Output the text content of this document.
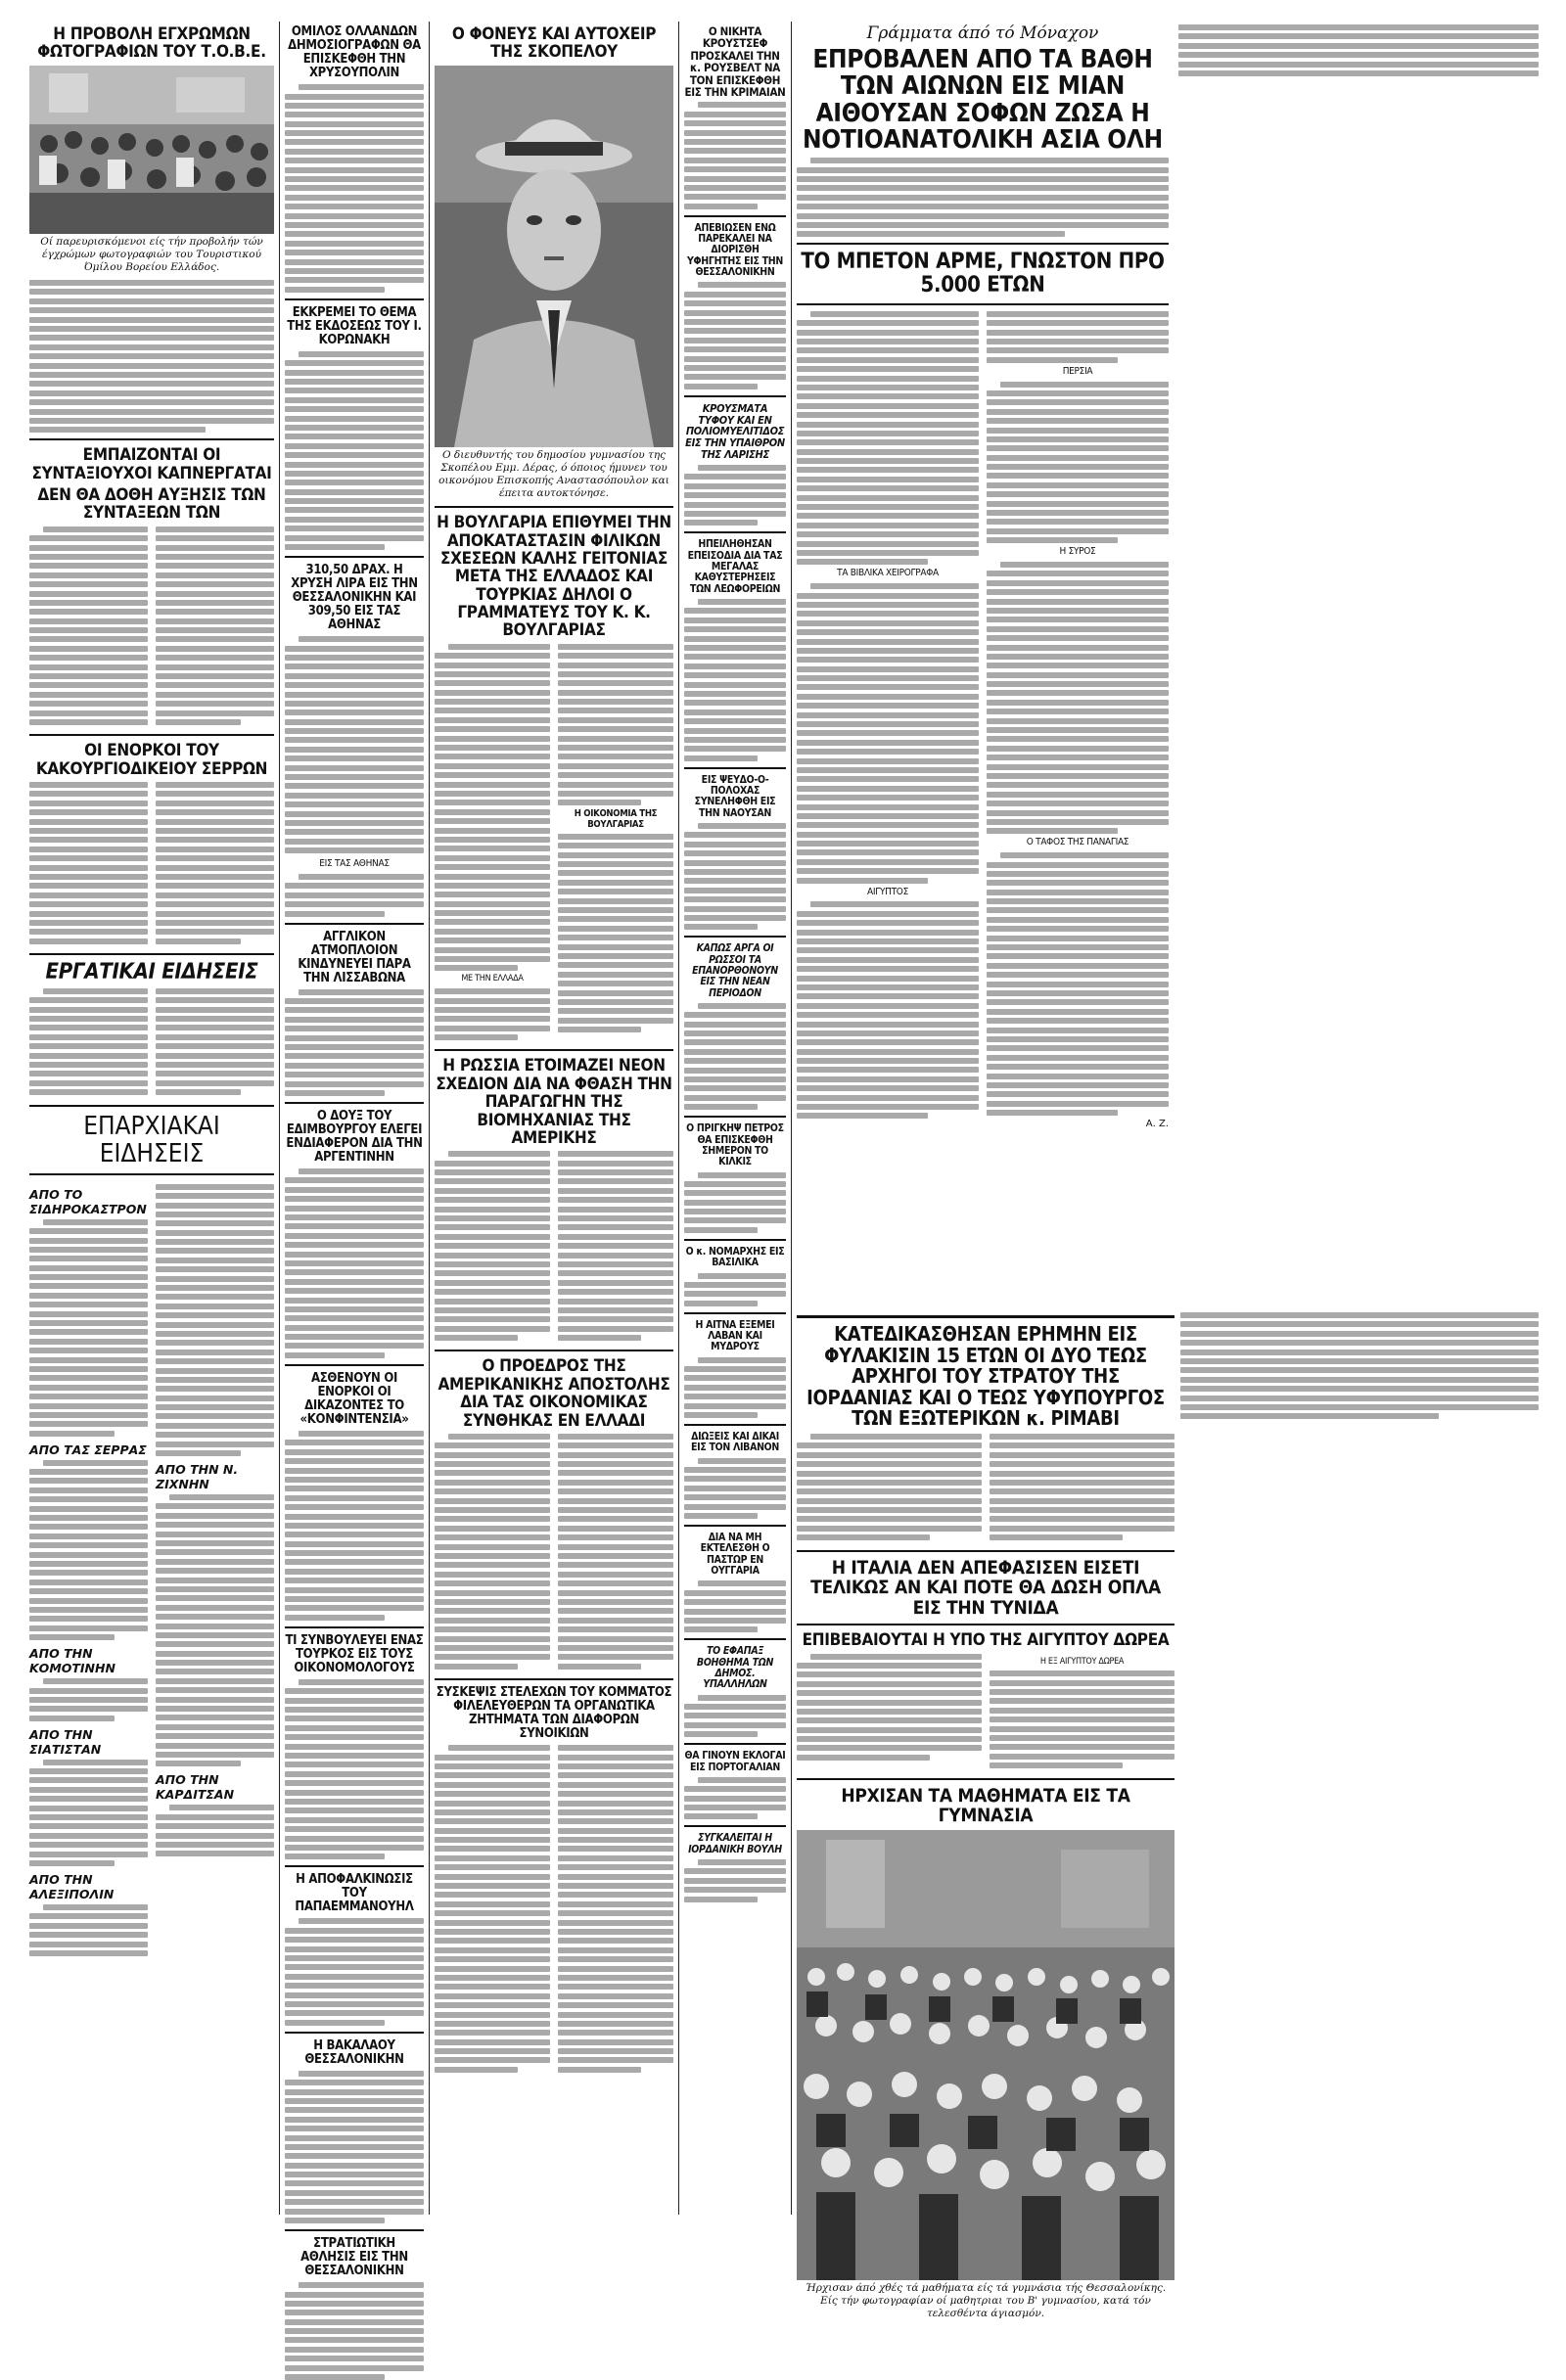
Η ΠΡΟΒΟΛΗ ΕΓΧΡΩΜΩΝ ΦΩΤΟΓΡΑΦΙΩΝ ΤΟΥ Τ.Ο.Β.Ε.
Οί παρευρισκόμενοι είς τήν προβολήν τών έγχρώμων φωτογραφιών του Τουριστικού Όμίλου Βορείου Ελλάδος.
ΕΜΠΑΙΖΟΝΤΑΙ ΟΙ ΣΥΝΤΑΞΙΟΥΧΟΙ ΚΑΠΝΕΡΓΑΤΑΙ
ΔΕΝ ΘΑ ΔΟΘΗ ΑΥΞΗΣΙΣ ΤΩΝ ΣΥΝΤΑΞΕΩΝ ΤΩΝ
ΟΙ ΕΝΟΡΚΟΙ ΤΟΥ ΚΑΚΟΥΡΓΙΟΔΙΚΕΙΟΥ ΣΕΡΡΩΝ
ΕΡΓΑΤΙΚΑΙ ΕΙΔΗΣΕΙΣ
ΕΠΑΡΧΙΑΚΑΙ ΕΙΔΗΣΕΙΣ
ΑΠΟ ΤΟ ΣΙΔΗΡΟΚΑΣΤΡΟΝ
ΑΠΟ ΤΑΣ ΣΕΡΡΑΣ
ΑΠΟ ΤΗΝ ΚΟΜΟΤΙΝΗΝ
ΑΠΟ ΤΗΝ ΣΙΑΤΙΣΤΑΝ
ΑΠΟ ΤΗΝ ΑΛΕΞΙΠΟΛΙΝ
ΑΠΟ ΤΗΝ Ν. ΖΙΧΝΗΝ
ΑΠΟ ΤΗΝ ΚΑΡΔΙΤΣΑΝ
ΟΜΙΛΟΣ ΟΛΛΑΝΔΩΝ ΔΗΜΟΣΙΟΓΡΑΦΩΝ ΘΑ ΕΠΙΣΚΕΦΘΗ ΤΗΝ ΧΡΥΣΟΥΠΟΛΙΝ
ΕΚΚΡΕΜΕΙ ΤΟ ΘΕΜΑ ΤΗΣ ΕΚΔΟΣΕΩΣ ΤΟΥ Ι. ΚΟΡΩΝΑΚΗ
310,50 ΔΡΑΧ. Η ΧΡΥΣΗ ΛΙΡΑ ΕΙΣ ΤΗΝ ΘΕΣΣΑΛΟΝΙΚΗΝ ΚΑΙ 309,50 ΕΙΣ ΤΑΣ ΑΘΗΝΑΣ
ΕΙΣ ΤΑΣ ΑΘΗΝΑΣ
ΑΓΓΛΙΚΟΝ ΑΤΜΟΠΛΟΙΟΝ ΚΙΝΔΥΝΕΥΕΙ ΠΑΡΑ ΤΗΝ ΛΙΣΣΑΒΩΝΑ
Ο ΔΟΥΞ ΤΟΥ ΕΔΙΜΒΟΥΡΓΟΥ ΕΛΕΓΕΙ ΕΝΔΙΑΦΕΡΟΝ ΔΙΑ ΤΗΝ ΑΡΓΕΝΤΙΝΗΝ
ΑΣΘΕΝΟΥΝ ΟΙ ΕΝΟΡΚΟΙ ΟΙ ΔΙΚΑΖΟΝΤΕΣ ΤΟ «ΚΟΝΦΙΝΤΕΝΣΙΑ»
ΤΙ ΣΥΝΒΟΥΛΕΥΕΙ ΕΝΑΣ ΤΟΥΡΚΟΣ ΕΙΣ ΤΟΥΣ ΟΙΚΟΝΟΜΟΛΟΓΟΥΣ
Η ΑΠΟΦΑΛΚΙΝΩΣΙΣ ΤΟΥ ΠΑΠΑΕΜΜΑΝΟΥΗΛ
Η ΒΑΚΑΛΑΟΥ ΘΕΣΣΑΛΟΝΙΚΗΝ
ΣΤΡΑΤΙΩΤΙΚΗ ΑΘΛΗΣΙΣ ΕΙΣ ΤΗΝ ΘΕΣΣΑΛΟΝΙΚΗΝ
Ο ΦΟΝΕΥΣ ΚΑΙ ΑΥΤΟΧΕΙΡ ΤΗΣ ΣΚΟΠΕΛΟΥ
Ο διευθυντής του δημοσίου γυμνασίου της Σκοπέλου Εμμ. Δέρας, ό όποιος ήμυνεν του οικονόμου Επισκοπής Αναστασόπουλον και έπειτα αυτοκτόνησε.
Η ΒΟΥΛΓΑΡΙΑ ΕΠΙΘΥΜΕΙ ΤΗΝ ΑΠΟΚΑΤΑΣΤΑΣΙΝ ΦΙΛΙΚΩΝ ΣΧΕΣΕΩΝ ΚΑΛΗΣ ΓΕΙΤΟΝΙΑΣ ΜΕΤΑ ΤΗΣ ΕΛΛΑΔΟΣ ΚΑΙ ΤΟΥΡΚΙΑΣ ΔΗΛΟΙ Ο ΓΡΑΜΜΑΤΕΥΣ ΤΟΥ Κ. Κ. ΒΟΥΛΓΑΡΙΑΣ
ΜΕ ΤΗΝ ΕΛΛΑΔΑ
Η ΟΙΚΟΝΟΜΙΑ ΤΗΣ ΒΟΥΛΓΑΡΙΑΣ
Η ΡΩΣΣΙΑ ΕΤΟΙΜΑΖΕΙ ΝΕΟΝ ΣΧΕΔΙΟΝ ΔΙΑ ΝΑ ΦΘΑΣΗ ΤΗΝ ΠΑΡΑΓΩΓΗΝ ΤΗΣ ΒΙΟΜΗΧΑΝΙΑΣ ΤΗΣ ΑΜΕΡΙΚΗΣ
Ο ΠΡΟΕΔΡΟΣ ΤΗΣ ΑΜΕΡΙΚΑΝΙΚΗΣ ΑΠΟΣΤΟΛΗΣ ΔΙΑ ΤΑΣ ΟΙΚΟΝΟΜΙΚΑΣ ΣΥΝΘΗΚΑΣ ΕΝ ΕΛΛΑΔΙ
ΣΥΣΚΕΨΙΣ ΣΤΕΛΕΧΩΝ ΤΟΥ ΚΟΜΜΑΤΟΣ ΦΙΛΕΛΕΥΘΕΡΩΝ ΤΑ ΟΡΓΑΝΩΤΙΚΑ ΖΗΤΗΜΑΤΑ ΤΩΝ ΔΙΑΦΟΡΩΝ ΣΥΝΟΙΚΙΩΝ
Ο ΝΙΚΗΤΑ ΚΡΟΥΣΤΣΕΦ ΠΡΟΣΚΑΛΕΙ ΤΗΝ κ. ΡΟΥΣΒΕΛΤ ΝΑ ΤΟΝ ΕΠΙΣΚΕΦΘΗ ΕΙΣ ΤΗΝ ΚΡΙΜΑΙΑΝ
ΑΠΕΒΙΩΣΕΝ ΕΝΩ ΠΑΡΕΚΑΛΕΙ ΝΑ ΔΙΟΡΙΣΘΗ ΥΦΗΓΗΤΗΣ ΕΙΣ ΤΗΝ ΘΕΣΣΑΛΟΝΙΚΗΝ
ΚΡΟΥΣΜΑΤΑ ΤΥΦΟΥ ΚΑΙ ΕΝ ΠΟΛΙΟΜΥΕΛΙΤΙΔΟΣ ΕΙΣ ΤΗΝ ΥΠΑΙΘΡΟΝ ΤΗΣ ΛΑΡΙΣΗΣ
ΗΠΕΙΛΗΘΗΣΑΝ ΕΠΕΙΣΟΔΙΑ ΔΙΑ ΤΑΣ ΜΕΓΑΛΑΣ ΚΑΘΥΣΤΕΡΗΣΕΙΣ ΤΩΝ ΛΕΩΦΟΡΕΙΩΝ
ΕΙΣ ΨΕΥΔΟ-Ο-ΠΟΛΟΧΑΣ ΣΥΝΕΛΗΦΘΗ ΕΙΣ ΤΗΝ ΝΑΟΥΣΑΝ
ΚΑΠΩΣ ΑΡΓΑ ΟΙ ΡΩΣΣΟΙ ΤΑ ΕΠΑΝΟΡΘΟΝΟΥΝ ΕΙΣ ΤΗΝ ΝΕΑΝ ΠΕΡΙΟΔΟΝ
Ο ΠΡΙΓΚΗΨ ΠΕΤΡΟΣ ΘΑ ΕΠΙΣΚΕΦΘΗ ΣΗΜΕΡΟΝ ΤΟ ΚΙΛΚΙΣ
Ο κ. ΝΟΜΑΡΧΗΣ ΕΙΣ ΒΑΣΙΛΙΚΑ
Η ΑΙΤΝΑ ΕΞΕΜΕΙ ΛΑΒΑΝ ΚΑΙ ΜΥΔΡΟΥΣ
ΔΙΩΞΕΙΣ ΚΑΙ ΔΙΚΑΙ ΕΙΣ ΤΟΝ ΛΙΒΑΝΟΝ
ΔΙΑ ΝΑ ΜΗ ΕΚΤΕΛΕΣΘΗ Ο ΠΑΣΤΩΡ ΕΝ ΟΥΓΓΑΡΙΑ
ΤΟ ΕΦΑΠΑΞ ΒΟΗΘΗΜΑ ΤΩΝ ΔΗΜΟΣ. ΥΠΑΛΛΗΛΩΝ
ΘΑ ΓΙΝΟΥΝ ΕΚΛΟΓΑΙ ΕΙΣ ΠΟΡΤΟΓΑΛΙΑΝ
ΣΥΓΚΑΛΕΙΤΑΙ Η ΙΟΡΔΑΝΙΚΗ ΒΟΥΛΗ
Γράμματα άπό τό Μόναχον
ΕΠΡΟΒΑΛΕΝ ΑΠΟ ΤΑ ΒΑΘΗ ΤΩΝ ΑΙΩΝΩΝ ΕΙΣ ΜΙΑΝ ΑΙΘΟΥΣΑΝ ΣΟΦΩΝ ΖΩΣΑ Η ΝΟΤΙΟΑΝΑΤΟΛΙΚΗ ΑΣΙΑ ΟΛΗ
ΤΟ ΜΠΕΤΟΝ ΑΡΜΕ, ΓΝΩΣΤΟΝ ΠΡΟ 5.000 ΕΤΩΝ
ΤΑ ΒΙΒΛΙΚΑ ΧΕΙΡΟΓΡΑΦΑ
ΑΙΓΥΠΤΟΣ
ΠΕΡΣΙΑ
Η ΣΥΡΟΣ
Ο ΤΑΦΟΣ ΤΗΣ ΠΑΝΑΓΙΑΣ
Α. Ζ.
ΚΑΤΕΔΙΚΑΣΘΗΣΑΝ ΕΡΗΜΗΝ ΕΙΣ ΦΥΛΑΚΙΣΙΝ 15 ΕΤΩΝ ΟΙ ΔΥΟ ΤΕΩΣ ΑΡΧΗΓΟΙ ΤΟΥ ΣΤΡΑΤΟΥ ΤΗΣ ΙΟΡΔΑΝΙΑΣ ΚΑΙ Ο ΤΕΩΣ ΥΦΥΠΟΥΡΓΟΣ ΤΩΝ ΕΞΩΤΕΡΙΚΩΝ κ. ΡΙΜΑΒΙ
Η ΙΤΑΛΙΑ ΔΕΝ ΑΠΕΦΑΣΙΣΕΝ ΕΙΣΕΤΙ ΤΕΛΙΚΩΣ ΑΝ ΚΑΙ ΠΟΤΕ ΘΑ ΔΩΣΗ ΟΠΛΑ ΕΙΣ ΤΗΝ ΤΥΝΙΔΑ
ΕΠΙΒΕΒΑΙΟΥΤΑΙ Η ΥΠΟ ΤΗΣ ΑΙΓΥΠΤΟΥ ΔΩΡΕΑ
Η ΕΞ ΑΙΓΥΠΤΟΥ ΔΩΡΕΑ
ΗΡΧΙΣΑΝ ΤΑ ΜΑΘΗΜΑΤΑ ΕΙΣ ΤΑ ΓΥΜΝΑΣΙΑ
Ήρχισαν άπό χθές τά μαθήματα είς τά γυμνάσια τής Θεσσαλονίκης. Είς τήν φωτογραφίαν οί μαθητριαι του Β' γυμνασίου, κατά τόν τελεσθέντα άγιασμόν.
